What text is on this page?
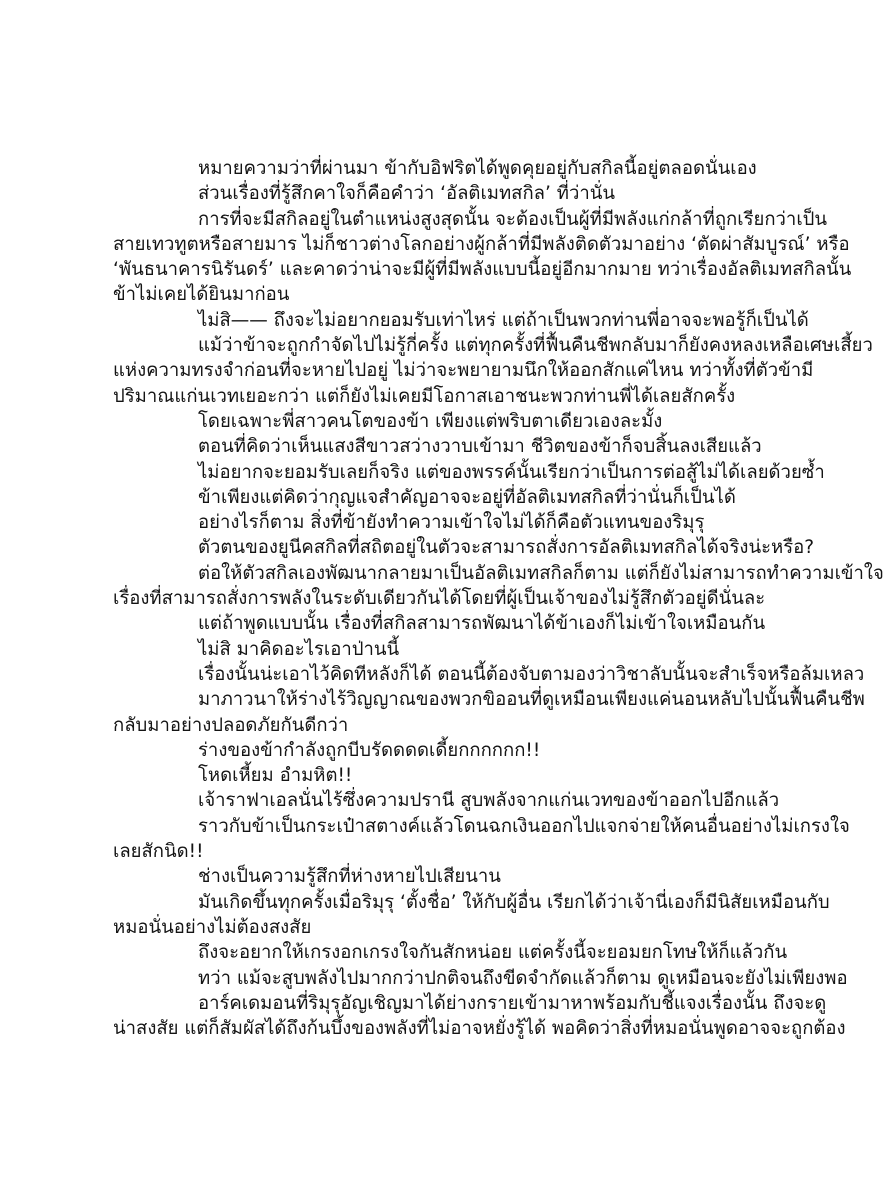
หมายความว่าที่ผ่านมา ข้ากับอิฟริตได้พูดคุยอยู่กับสกิลนี้อยู่ตลอดนั่นเอง
ส่วนเรื่องที่รู้สึกคาใจก็คือคำว่า ‘อัลติเมทสกิล’ ที่ว่านั่น
การที่จะมีสกิลอยู่ในตำแหน่งสูงสุดนั้น จะต้องเป็นผู้ที่มีพลังแก่กล้าที่ถูกเรียกว่าเป็น
สายเทวทูตหรือสายมาร ไม่ก็ชาวต่างโลกอย่างผู้กล้าที่มีพลังติดตัวมาอย่าง ‘ตัดผ่าสัมบูรณ์’ หรือ
‘พันธนาคารนิรันดร์’ และคาดว่าน่าจะมีผู้ที่มีพลังแบบนี้อยู่อีกมากมาย ทว่าเรื่องอัลติเมทสกิลนั้น
ข้าไม่เคยได้ยินมาก่อน
ไม่สิ—— ถึงจะไม่อยากยอมรับเท่าไหร่ แต่ถ้าเป็นพวกท่านพี่อาจจะพอรู้ก็เป็นได้
แม้ว่าข้าจะถูกกำจัดไปไม่รู้กี่ครั้ง แต่ทุกครั้งที่ฟื้นคืนชีพกลับมาก็ยังคงหลงเหลือเศษเสี้ยว
แห่งความทรงจำก่อนที่จะหายไปอยู่ ไม่ว่าจะพยายามนึกให้ออกสักแค่ไหน ทว่าทั้งที่ตัวข้ามี
ปริมาณแก่นเวทเยอะกว่า แต่ก็ยังไม่เคยมีโอกาสเอาชนะพวกท่านพี่ได้เลยสักครั้ง
โดยเฉพาะพี่สาวคนโตของข้า เพียงแต่พริบตาเดียวเองละมั้ง
ตอนที่คิดว่าเห็นแสงสีขาวสว่างวาบเข้ามา ชีวิตของข้าก็จบสิ้นลงเสียแล้ว
ไม่อยากจะยอมรับเลยก็จริง แต่ของพรรค์นั้นเรียกว่าเป็นการต่อสู้ไม่ได้เลยด้วยซ้ำ
ข้าเพียงแต่คิดว่ากุญแจสำคัญอาจจะอยู่ที่อัลติเมทสกิลที่ว่านั่นก็เป็นได้
อย่างไรก็ตาม สิ่งที่ข้ายังทำความเข้าใจไม่ได้ก็คือตัวแทนของริมุรุ
ตัวตนของยูนีคสกิลที่สถิตอยู่ในตัวจะสามารถสั่งการอัลติเมทสกิลได้จริงน่ะหรือ?
ต่อให้ตัวสกิลเองพัฒนากลายมาเป็นอัลติเมทสกิลก็ตาม แต่ก็ยังไม่สามารถทำความเข้าใจ
เรื่องที่สามารถสั่งการพลังในระดับเดียวกันได้โดยที่ผู้เป็นเจ้าของไม่รู้สึกตัวอยู่ดีนั่นละ
แต่ถ้าพูดแบบนั้น เรื่องที่สกิลสามารถพัฒนาได้ข้าเองก็ไม่เข้าใจเหมือนกัน
ไม่สิ มาคิดอะไรเอาป่านนี้
เรื่องนั้นน่ะเอาไว้คิดทีหลังก็ได้ ตอนนี้ต้องจับตามองว่าวิชาลับนั้นจะสำเร็จหรือล้มเหลว
มาภาวนาให้ร่างไร้วิญญาณของพวกขิออนที่ดูเหมือนเพียงแค่นอนหลับไปนั้นฟื้นคืนชีพ
กลับมาอย่างปลอดภัยกันดีกว่า
ร่างของข้ากำลังถูกบีบรัดดดดเดี้ยกกกกกก!!
โหดเหี้ยม อำมหิต!!
เจ้าราฟาเอลนั่นไร้ซึ่งความปรานี สูบพลังจากแก่นเวทของข้าออกไปอีกแล้ว
ราวกับข้าเป็นกระเป๋าสตางค์แล้วโดนฉกเงินออกไปแจกจ่ายให้คนอื่นอย่างไม่เกรงใจ
เลยสักนิด!!
ช่างเป็นความรู้สึกที่ห่างหายไปเสียนาน
มันเกิดขึ้นทุกครั้งเมื่อริมุรุ ‘ตั้งชื่อ’ ให้กับผู้อื่น เรียกได้ว่าเจ้านี่เองก็มีนิสัยเหมือนกับ
หมอนั่นอย่างไม่ต้องสงสัย
ถึงจะอยากให้เกรงอกเกรงใจกันสักหน่อย แต่ครั้งนี้จะยอมยกโทษให้ก็แล้วกัน
ทว่า แม้จะสูบพลังไปมากกว่าปกติจนถึงขีดจำกัดแล้วก็ตาม ดูเหมือนจะยังไม่เพียงพอ
อาร์คเดมอนที่ริมุรุอัญเชิญมาได้ย่างกรายเข้ามาหาพร้อมกับชี้แจงเรื่องนั้น ถึงจะดู
น่าสงสัย แต่ก็สัมผัสได้ถึงก้นบึ้งของพลังที่ไม่อาจหยั่งรู้ได้ พอคิดว่าสิ่งที่หมอนั่นพูดอาจจะถูกต้อง
